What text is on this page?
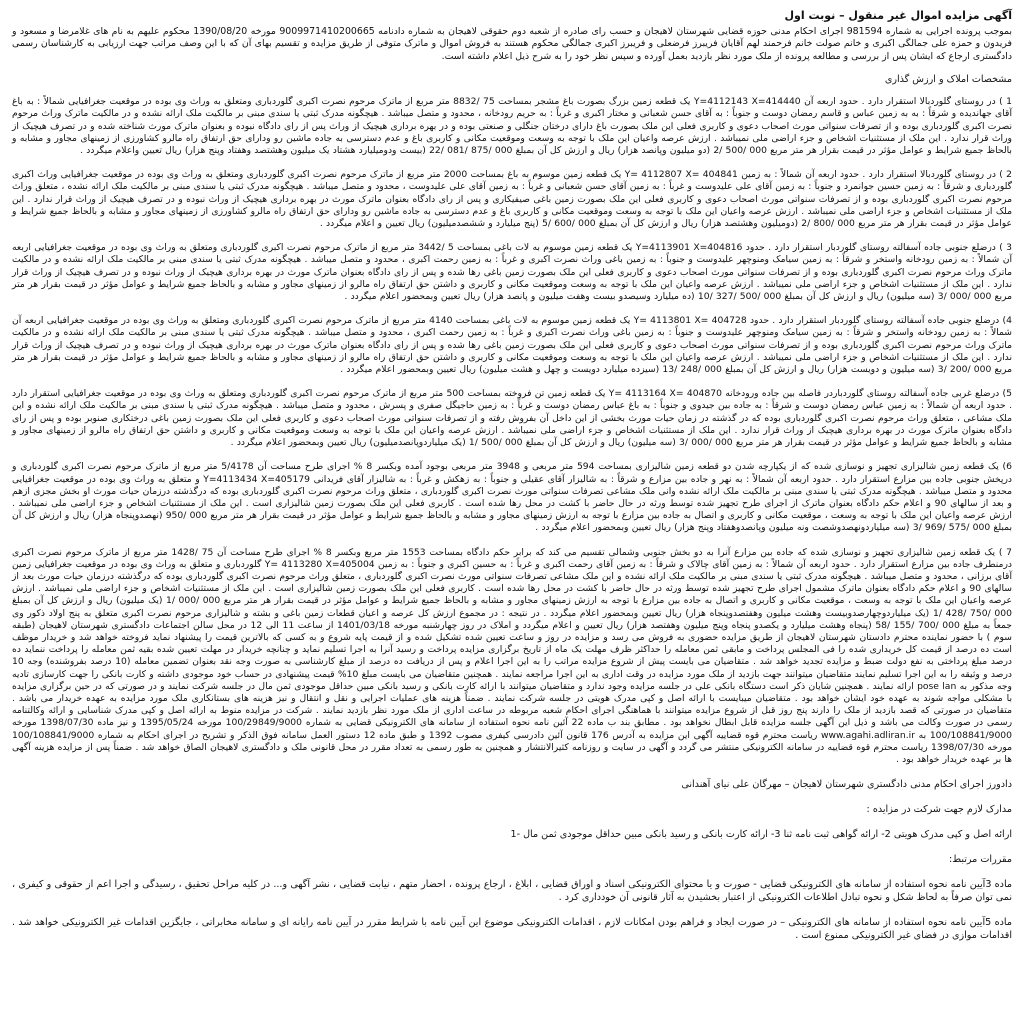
آگهی مزایده اموال غیر منقول – نوبت اول
بموجب پرونده اجرایی به شماره 981594 اجرای احکام مدنی حوزه قضایی شهرستان لاهیجان و حسب رای صادره از شعبه دوم حقوقی لاهیجان به شماره دادنامه 9009971410200665 مورخه 1390/08/20 محکوم علیهم به نام های غلامرضا و مسعود و فریدون و حمزه علی جمالگی اکبری و خانم صولت خانم فرحمند لهم آقایان فریبرز فرضعلی و فریبرز اکبری جمالگی محکوم هستند به فروش اموال و ماترک متوفی از طریق مزایده و تقسیم بهای آن که با این وصف مراتب جهت ارزیابی به کارشناسان رسمی دادگستری ارجاع که ایشان پس از بررسی و مطالعه پرونده از ملک مورد نظر بازدید بعمل آورده و سپس نظر خود را به شرح ذیل اعلام داشته است.
مشخصات املاک و ارزش گذاری
1 ) در روستای گلوردبالا استقرار دارد . حدود اربعه آن Y=4112143 X=414440 یک قطعه زمین بزرگ بصورت باغ مشجر بمساحت 75 /8832 متر مربع از ماترک مرحوم نصرت اکبری گلوردباری ومتعلق به وراث وی بوده در موقعیت جغرافیایی شمالاً : به باغ آقای جهاندیده و شرقاً : به به زمین عباس و قاسم رمضان دوست و جنوباً : به آقای حسن شعبانی و مختار اکبری و غرباً : به حریم رودخانه ، محدود و متصل میباشد . هیچگونه مدرک ثبتی یا سندی مبنی بر مالکیت ملک ارائه نشده و در مالکیت ماترک وراث مرحوم نصرت اکبری گلوردباری بوده و از تصرفات سنواتی مورث اصحاب دعوی و کاربری فعلی این ملک بصورت باغ دارای درختان جنگلی و صنعتی بوده و در بهره برداری هیچیک از وراث پس از رای دادگاه نبوده و بعنوان ماترک مورث شناخته شده و در تصرف هیچیک از وراث قرار ندارد . این ملک از مستثنیات اشخاص و جزء اراضی ملی نمیباشد . ارزش عرصه واعیان این ملک با توجه به وسعت وموقعیت مکانی و کاربری باغ و عدم دسترسی به جاده ماشین رو ودارای حق ارتفاق راه مالرو کشاورزی از زمینهای مجاور و مشابه و بالحاظ جمیع شرایط و عوامل مؤثر در قیمت بقرار هر متر مربع 000 /500 /2 (دو میلیون وپانصد هزار) ریال و ارزش کل آن بمبلغ 000 /875 /081 /22 (بیست ودومیلیارد هشتاد یک میلیون وهشتصد وهفتاد وپنج هزار) ریال تعیین واعلام میگردد .
2 ) در روستای گلوردبالا استقرار دارد . حدود اربعه آن شمالاً : به زمین Y= 4112807 X= 404841 یک قطعه زمین موسوم به باغ بمساحت 2000 متر مربع از ماترک مرحوم نصرت اکبری گلوردباری ومتعلق به وراث وی بوده در موقعیت جغرافیایی وراث اکبری گلوردباری و شرقاً : به زمین حسین جوانمرد و جنوباً : به زمین آقای علی علیدوست و غرباً : به زمین آقای حسن شعبانی و غرباً : به زمین آقای علی علیدوست ، محدود و متصل میباشد . هیچگونه مدرک ثبتی یا سندی مبنی بر مالکیت ملک ارائه نشده ، متعلق وراث مرحوم نصرت اکبری گلوردباری بوده و از تصرفات سنواتی مورث اصحاب دعوی و کاربری فعلی این ملک بصورت زمین باغی صیفیکاری و پس از رای دادگاه بعنوان ماترک مورث در بهره برداری هیچیک از وراث نبوده و در تصرف هیچیک از وراث قرار ندارد . این ملک از مستثنیات اشخاص و جزء اراضی ملی نمیباشد . ارزش عرصه واعیان این ملک با توجه به وسعت وموقعیت مکانی و کاربری باغ و عدم دسترسی به جاده ماشین رو ودارای حق ارتفاق راه مالرو کشاورزی از زمینهای مجاور و مشابه و بالحاظ جمیع شرایط و عوامل مؤثر در قیمت بقرار هر متر مربع 000 /800 /2 (دومیلیون وهشتصد هزار) ریال و ارزش کل آن بمبلغ 000 /600 /5 (پنج میلیارد و ششصدمیلیون) ریال تعیین و اعلام میگردد .
3 ) درضلع جنوبی جاده آسفالته روستای گلوردبار استقرار دارد . حدود Y=4113901 X=404816 یک قطعه زمین موسوم به لات باغی بمساحت 5 /3442 متر مربع از ماترک مرحوم نصرت اکبری گلوردباری ومتعلق به وراث وی بوده در موقعیت جغرافیایی اربعه آن شمالاً : به زمین رودخانه واستخر و شرقاً : به زمین سیامک ومنوچهر علیدوست و جنوباً : به زمین باغی وراث نصرت اکبری و غرباً : به زمین رحمت اکبری ، محدود و متصل میباشد . هیچگونه مدرک ثبتی یا سندی مبنی بر مالکیت ملک ارائه نشده و در مالکیت ماترک وراث مرحوم نصرت اکبری گلوردباری بوده و از تصرفات سنواتی مورث اصحاب دعوی و کاربری فعلی این ملک بصورت زمین باغی رها شده و پس از رای دادگاه بعنوان ماترک مورث در بهره برداری هیچیک از وراث نبوده و در تصرف هیچیک از وراث قرار ندارد . این ملک از مستثنیات اشخاص و جزء اراضی ملی نمیباشد . ارزش عرصه واعیان این ملک با توجه به وسعت وموقعیت مکانی و کاربری و داشتن حق ارتفاق راه مالرو از زمینهای مجاور و مشابه و بالحاظ جمیع شرایط و عوامل مؤثر در قیمت بقرار هر متر مربع 000 /000 /3 (سه میلیون) ریال و ارزش کل آن بمبلغ 000 /500 /327 /10 (ده میلیارد وسیصدو بیست وهفت میلیون و پانصد هزار) ریال تعیین وبمحضور اعلام میگردد .
4) درضلع جنوبی جاده آسفالته روستای گلوردبار استقرار دارد . حدود Y= 4113801 X= 404728 یک قطعه زمین موسوم به لات باغی بمساحت 4140 متر مربع از ماترک مرحوم نصرت اکبری گلوردباری ومتعلق به وراث وی بوده در موقعیت جغرافیایی اربعه آن شمالاً : به زمین رودخانه واستخر و شرقاً : به زمین سیامک ومنوچهر علیدوست و جنوباً : به زمین باغی وراث نصرت اکبری و غرباً : به زمین رحمت اکبری ، محدود و متصل میباشد . هیچگونه مدرک ثبتی یا سندی مبنی بر مالکیت ملک ارائه نشده و در مالکیت ماترک وراث مرحوم نصرت اکبری گلوردباری بوده و از تصرفات سنواتی مورث اصحاب دعوی و کاربری فعلی این ملک بصورت زمین باغی رها شده و پس از رای دادگاه بعنوان ماترک مورث در بهره برداری هیچیک از وراث نبوده و در تصرف هیچیک از وراث قرار ندارد . این ملک از مستثنیات اشخاص و جزء اراضی ملی نمیباشد . ارزش عرصه واعیان این ملک با توجه به وسعت وموقعیت مکانی و کاربری و داشتن حق ارتفاق راه مالرو از زمینهای مجاور و مشابه و بالحاظ جمیع شرایط و عوامل مؤثر در قیمت بقرار هر متر مربع 000 /200 /3 (سه میلیون و دویست هزار) ریال و ارزش کل آن بمبلغ 000 /248 /13 (سیزده میلیارد دویست و چهل و هشت میلیون) ریال تعیین وبمحضور اعلام میگردد .
5) درضلع غربی جاده آسفالته روستای گلوردباردر فاصله بین جاده ورودخانه Y= 4113164 X= 404870 یک قطعه زمین تن فروخته بمساحت 500 متر مربع از ماترک مرحوم نصرت اکبری گلوردباری ومتعلق به وراث وی بوده در موقعیت جغرافیایی استقرار دارد . حدود اربعه آن شمالاً : به زمین عباس رمضان دوست و شرقاً : به جاده بین جیدوی و جنوباً : به باغ عباس رمضان دوست و غرباً : به زمین حاجیگل صفری و پسرش ، محدود و متصل میباشد . هیچگونه مدرک ثبتی یا سندی مبنی بر مالکیت ملک ارائه نشده و این ملک مشاعی ، متعلق وراث مرحوم نصرت اکبری گلوردباری بوده که در گذشته در زمان حیات مورث بخشی از این داخل آن بفروش رفته و از تصرفات سنواتی مورث اصحاب دعوی و کاربری فعلی این ملک بصورت زمین باغی درختکاری صنوبر بوده و پس از رای دادگاه بعنوان ماترک مورث در بهره برداری هیچیک از وراث قرار ندارد . این ملک از مستثنیات اشخاص و جزء اراضی ملی نمیباشد . ارزش عرصه واعیان این ملک با توجه به وسعت وموقعیت مکانی و کاربری و داشتن حق ارتفاق راه مالرو از زمینهای مجاور و مشابه و بالحاظ جمیع شرایط و عوامل مؤثر در قیمت بقرار هر متر مربع 000 /000 /3 (سه میلیون) ریال و ارزش کل آن بمبلغ 000 /500 /1 (یک میلیاردوپانصدمیلیون) ریال تعیین وبمحضور اعلام میگردد .
6) یک قطعه زمین شالیزاری تجهیز و نوسازی شده که از یکپارچه شدن دو قطعه زمین شالیزاری بمساحت 594 متر مربعی و 3948 متر مربعی بوجود آمده وبکسر 8 % اجرای طرح مساحت آن 5/4178 متر مربع از ماترک مرحوم نصرت اکبری گلوردباری و درپخش جنوبی جاده بین مزارع استقرار دارد . حدود اربعه آن شمالاً : به نهر و جاده بین مزارع و شرقاً : به شالیزار آقای عقیلی و جنوباً : به زهکش و غرباً : به شالیزار آقای فریدانی Y=4113434 X=405179 و متعلق به وراث وی بوده در موقعیت جغرافیایی محدود و متصل میباشد . هیچگونه مدرک ثبتی یا سندی مبنی بر مالکیت ملک ارائه نشده وانی ملک مشاعی تصرفات سنواتی مورث نصرت اکبری گلوردباری ، متعلق وراث مرحوم نصرت اکبری گلوردباری بوده که درگذشته درزمان حیات مورث او بخش مجزی ازهم و بعد از سالهای 90 و اعلام حکم دادگاه بعنوان ماترک از اجرای طرح تجهیز شده توسط ورثه در حال حاضر با کشت در محل رها شده است . کاربری فعلی این ملک بصورت زمین شالیزاری است . این ملک از مستثنیات اشخاص و جزء اراضی ملی نمیباشد . ارزش عرصه واعیان این ملک با توجه به وسعت ، موقعیت مکانی و کاربری و اتصال به جاده بین مزارع با توجه به ارزش زمینهای مجاور و مشابه و بالحاظ جمیع شرایط و عوامل مؤثر در قیمت بقرار هر متر مربع 000 /950 (نهصدوپنجاه هزار) ریال و ارزش کل آن بمبلغ 000 /575 /969 /3 (سه میلیاردونهصدوشصت ونه میلیون وپانصدوهفتاد وپنج هزار) ریال تعیین وبمحضور اعلام میگردد .
7 ) یک قطعه زمین شالیزاری تجهیز و نوسازی شده که جاده بین مزارع آنرا به دو بخش جنوبی وشمالی تقسیم می کند که برابر حکم دادگاه بمساحت 1553 متر مربع وبکسر 8 % اجرای طرح مساحت آن 75 /1428 متر مربع از ماترک مرحوم نصرت اکبری درمنطرف جاده بین مزارع استقرار دارد . حدود اربعه آن شمالاً : به زمین آقای چالاک و شرقاً : به زمین آقای رحمت اکبری و غرباً : به حسین اکبری و جنوباً : به زمین Y= 4113280 X=405004 گلوردباری و متعلق به وراث وی بوده در موقعیت جغرافیایی زمین آقای برزانی ، محدود و متصل میباشد . هیچگونه مدرک ثبتی یا سندی مبنی بر مالکیت ملک ارائه نشده و این ملک مشاعی تصرفات سنواتی مورث نصرت اکبری گلوردباری ، متعلق وراث مرحوم نصرت اکبری گلوردباری بوده که درگذشته درزمان حیات مورث بعد از سالهای 90 و اعلام حکم دادگاه بعنوان ماترک مشمول اجرای طرح تجهیز شده توسط ورثه در حال حاضر با کشت در محل رها شده است . کاربری فعلی این ملک بصورت زمین شالیزاری است . این ملک از مستثنیات اشخاص و جزء اراضی ملی نمیباشد . ارزش عرصه واعیان این ملک با توجه به وسعت ، موقعیت مکانی و کاربری و اتصال به جاده بین مزارع با توجه به ارزش زمینهای مجاور و مشابه و بالحاظ جمیع شرایط و عوامل مؤثر در قیمت بقرار هر متر مربع 000 /000 /1 (یک میلیون) ریال و ارزش کل آن بمبلغ 000 /750 /428 /1 (یک میلیاردوچهارصدوبیست وهشت میلیون وهفتصدوپنجاه هزار) ریال تعیین وبمحضور اعلام میگردد . در نتیجه : در مجموع ارزش کل عرصه و اعیان قطعات زمین باغی و بشته و شالیزاری مرحوم نصرت اکبری متعلق به پنج اولاد ذکور وی جمعاً به مبلغ 000 /700 /155 /58 (پنجاه وهشت میلیارد و یکصدو پنجاه وپنج میلیون وهفتصد هزار) ریال تعیین و اعلام میگردد و املاک در روز چهارشنبه مورخه 1401/03/18 از ساعت 11 الی 12 در محل سالن اجتماعات دادگستری شهرستان لاهیجان (طبقه سوم ) با حضور نماینده محترم دادستان شهرستان لاهیجان از طریق مزایده حضوری به فروش می رسد و مزایده در روز و ساعت تعیین شده تشکیل شده و از قیمت پایه شروع و به کسی که بالاترین قیمت را پیشنهاد نماید فروخته خواهد شد و خریدار موظف است ده درصد از قیمت کل خریداری شده را فی المجلس پرداخت و مابقی ثمن معامله را حداکثر ظرف مهلت یک ماه از تاریخ برگزاری مزایده پرداخت و رسید آنرا به اجرا تسلیم نماید و چنانچه خریدار در مهلت تعیین شده بقیه ثمن معامله را پرداخت ننماید ده درصد مبلغ پرداختی به نفع دولت ضبط و مزایده تجدید خواهد شد . متقاضیان می بایست پیش از شروع مزایده مراتب را به این اجرا اعلام و پس از دریافت ده درصد از مبلغ کارشناسی به صورت وجه نقد بعنوان تضمین معامله (10 درصد بفروشنده) وجه 10 درصد و وثیقه را به این اجرا تسلیم نمایند متقاضیان میتوانند جهت بازدید از ملک مورد مزایده در وقت اداری به این اجرا مراجعه نمایند . همچنین متقاضیان می بایست مبلغ 10% قیمت پیشنهادی در حساب خود موجودی داشته و کارت بانکی را جهت کارسازی تادیه وجه مذکور به pose lan ارائه نمایند . همچنین شایان ذکر است دستگاه بانکی علی در جلسه مزایده وجود ندارد و متقاضیان میتوانند با ارائه کارت بانکی و رسید بانکی مبین حداقل موجودی ثمن مال در جلسه شرکت نمایند و در صورتی که در حین برگزاری مزایده با مشکلی مواجه شوند به عهده خود ایشان خواهد بود . متقاضیان میبایست با ارائه اصل و کپی مدرک هویتی در جلسه شرکت نمایند . ضمناً هزینه های عملیات اجرایی و نقل و انتقال و نیز هزینه های بستانکاری ملک مورد مزایده به عهده خریدار می باشد . متقاضیان در صورتی که قصد بازدید از ملک را دارند پنج روز قبل از شروع مزایده میتوانند با هماهنگی اجرای احکام شعبه مربوطه در ساعت اداری از ملک مورد نظر بازدید نمایند . شرکت در مزایده منوط به ارائه اصل و کپی مدرک شناسایی و ارائه وکالتنامه رسمی در صورت وکالت می باشد و ذیل این آگهی جلسه مزایده قابل ابطال نخواهد بود . مطابق بند ب ماده 22 آئین نامه نحوه استفاده از سامانه های الکترونیکی قضایی به شماره 100/29849/9000 مورخه 1395/05/24 و نیز ماده 1398/07/30 مورخه 100/108841/9000 به www.agahi.adliran.ir ریاست محترم قوه قضاییه آگهی این مزایده به آدرس 176 قانون آئین دادرسی کیفری مصوب 1392 و طبق ماده 12 دستور العمل سامانه فوق الذکر و تشریح در اجرای احکام به شماره 100/108841/9000 مورخه 1398/07/30 ریاست محترم قوه قضاییه در سامانه الکترونیکی منتشر می گردد و آگهی در سایت و روزنامه کثیرالانتشار و همچنین به طور رسمی به تعداد مقرر در محل قانونی ملک و دادگستری لاهیجان الصاق خواهد شد . ضمناً پس از مزایده هزینه آگهی ها بر عهده خریدار خواهد بود .
دادورز اجرای احکام مدنی دادگستری شهرستان لاهیجان – مهرگان علی نیای آهندانی
مدارک لازم جهت شرکت در مزایده :
ارائه اصل و کپی مدرک هویتی 2- ارائه گواهی ثبت نامه ثنا 3- ارائه کارت بانکی و رسید بانکی مبین حداقل موجودی ثمن مال -1
مقررات مرتبط:
ماده 3آیین نامه نحوه استفاده از سامانه های الکترونیکی قضایی - صورت و یا محتوای الکترونیکی اسناد و اوراق قضایی ، ابلاغ ، ارجاع پرونده ، احضار متهم ، نیابت قضایی ، نشر آگهی و... در کلیه مراحل تحقیق ، رسیدگی و اجرا اعم از حقوقی و کیفری ، نمی توان صرفاً به لحاظ شکل و نحوه تبادل اطلاعات الکترونیکی از اعتبار بخشیدن به آثار قانونی آن خودداری کرد .
ماده 5آیین نامه نحوه استفاده از سامانه های الکترونیکی – در صورت ایجاد و فراهم بودن امکانات لازم ، اقدامات الکترونیکی موضوع این آیین نامه با شرایط مقرر در آیین نامه رایانه ای و سامانه مخابراتی ، جایگزین اقدامات غیر الکترونیکی خواهد شد . اقدامات موازی در فضای غیر الکترونیکی ممنوع است .
